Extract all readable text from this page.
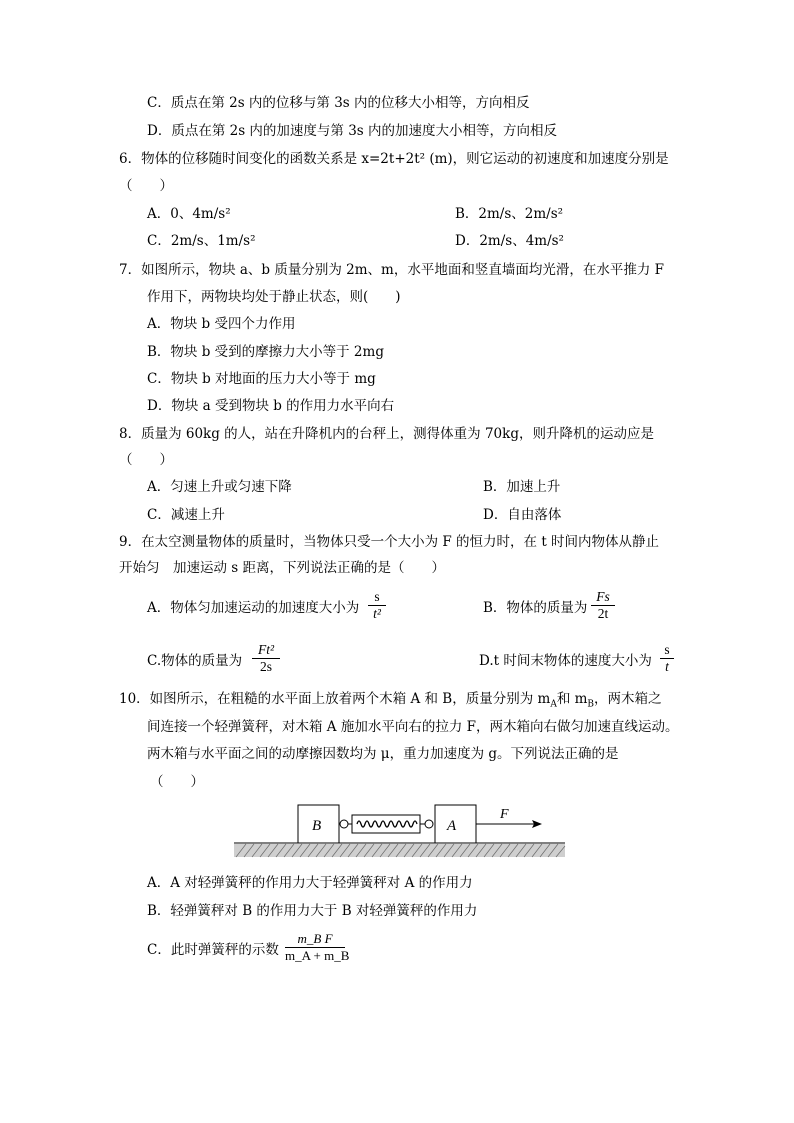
C．质点在第 2s 内的位移与第 3s 内的位移大小相等，方向相反
D．质点在第 2s 内的加速度与第 3s 内的加速度大小相等，方向相反
6．物体的位移随时间变化的函数关系是 x=2t+2t² (m)，则它运动的初速度和加速度分别是
（　　）
A．0、4m/s²	B．2m/s、2m/s²
C．2m/s、1m/s²	D．2m/s、4m/s²
7．如图所示，物块 a、b 质量分别为 2m、m，水平地面和竖直墙面均光滑，在水平推力 F
作用下，两物块均处于静止状态，则(　　)
A．物块 b 受四个力作用
B．物块 b 受到的摩擦力大小等于 2mg
C．物块 b 对地面的压力大小等于 mg
D．物块 a 受到物块 b 的作用力水平向右
8．质量为 60kg 的人，站在升降机内的台秤上，测得体重为 70kg，则升降机的运动应是
（　　）
A．匀速上升或匀速下降	B．加速上升
C．减速上升	D．自由落体
9．在太空测量物体的质量时，当物体只受一个大小为 F 的恒力时，在 t 时间内物体从静止
开始匀　加速运动 s 距离，下列说法正确的是（　　）
A．物体匀加速运动的加速度大小为
s
t²	B．物体的质量为
Fs
2t
C.物体的质量为
Ft²
2s	D.t 时间末物体的速度大小为
s
t
10．如图所示，在粗糙的水平面上放着两个木箱 A 和 B，质量分别为 $m_A$和 $m_B$，两木箱之
间连接一个轻弹簧秤，对木箱 A 施加水平向右的拉力 F，两木箱向右做匀加速直线运动。
两木箱与水平面之间的动摩擦因数均为 μ，重力加速度为 g。下列说法正确的是
（　　）
B	A
F
A．A 对轻弹簧秤的作用力大于轻弹簧秤对 A 的作用力
B．轻弹簧秤对 B 的作用力大于 B 对轻弹簧秤的作用力
C．此时弹簧秤的示数
m_B F
m_A + m_B
